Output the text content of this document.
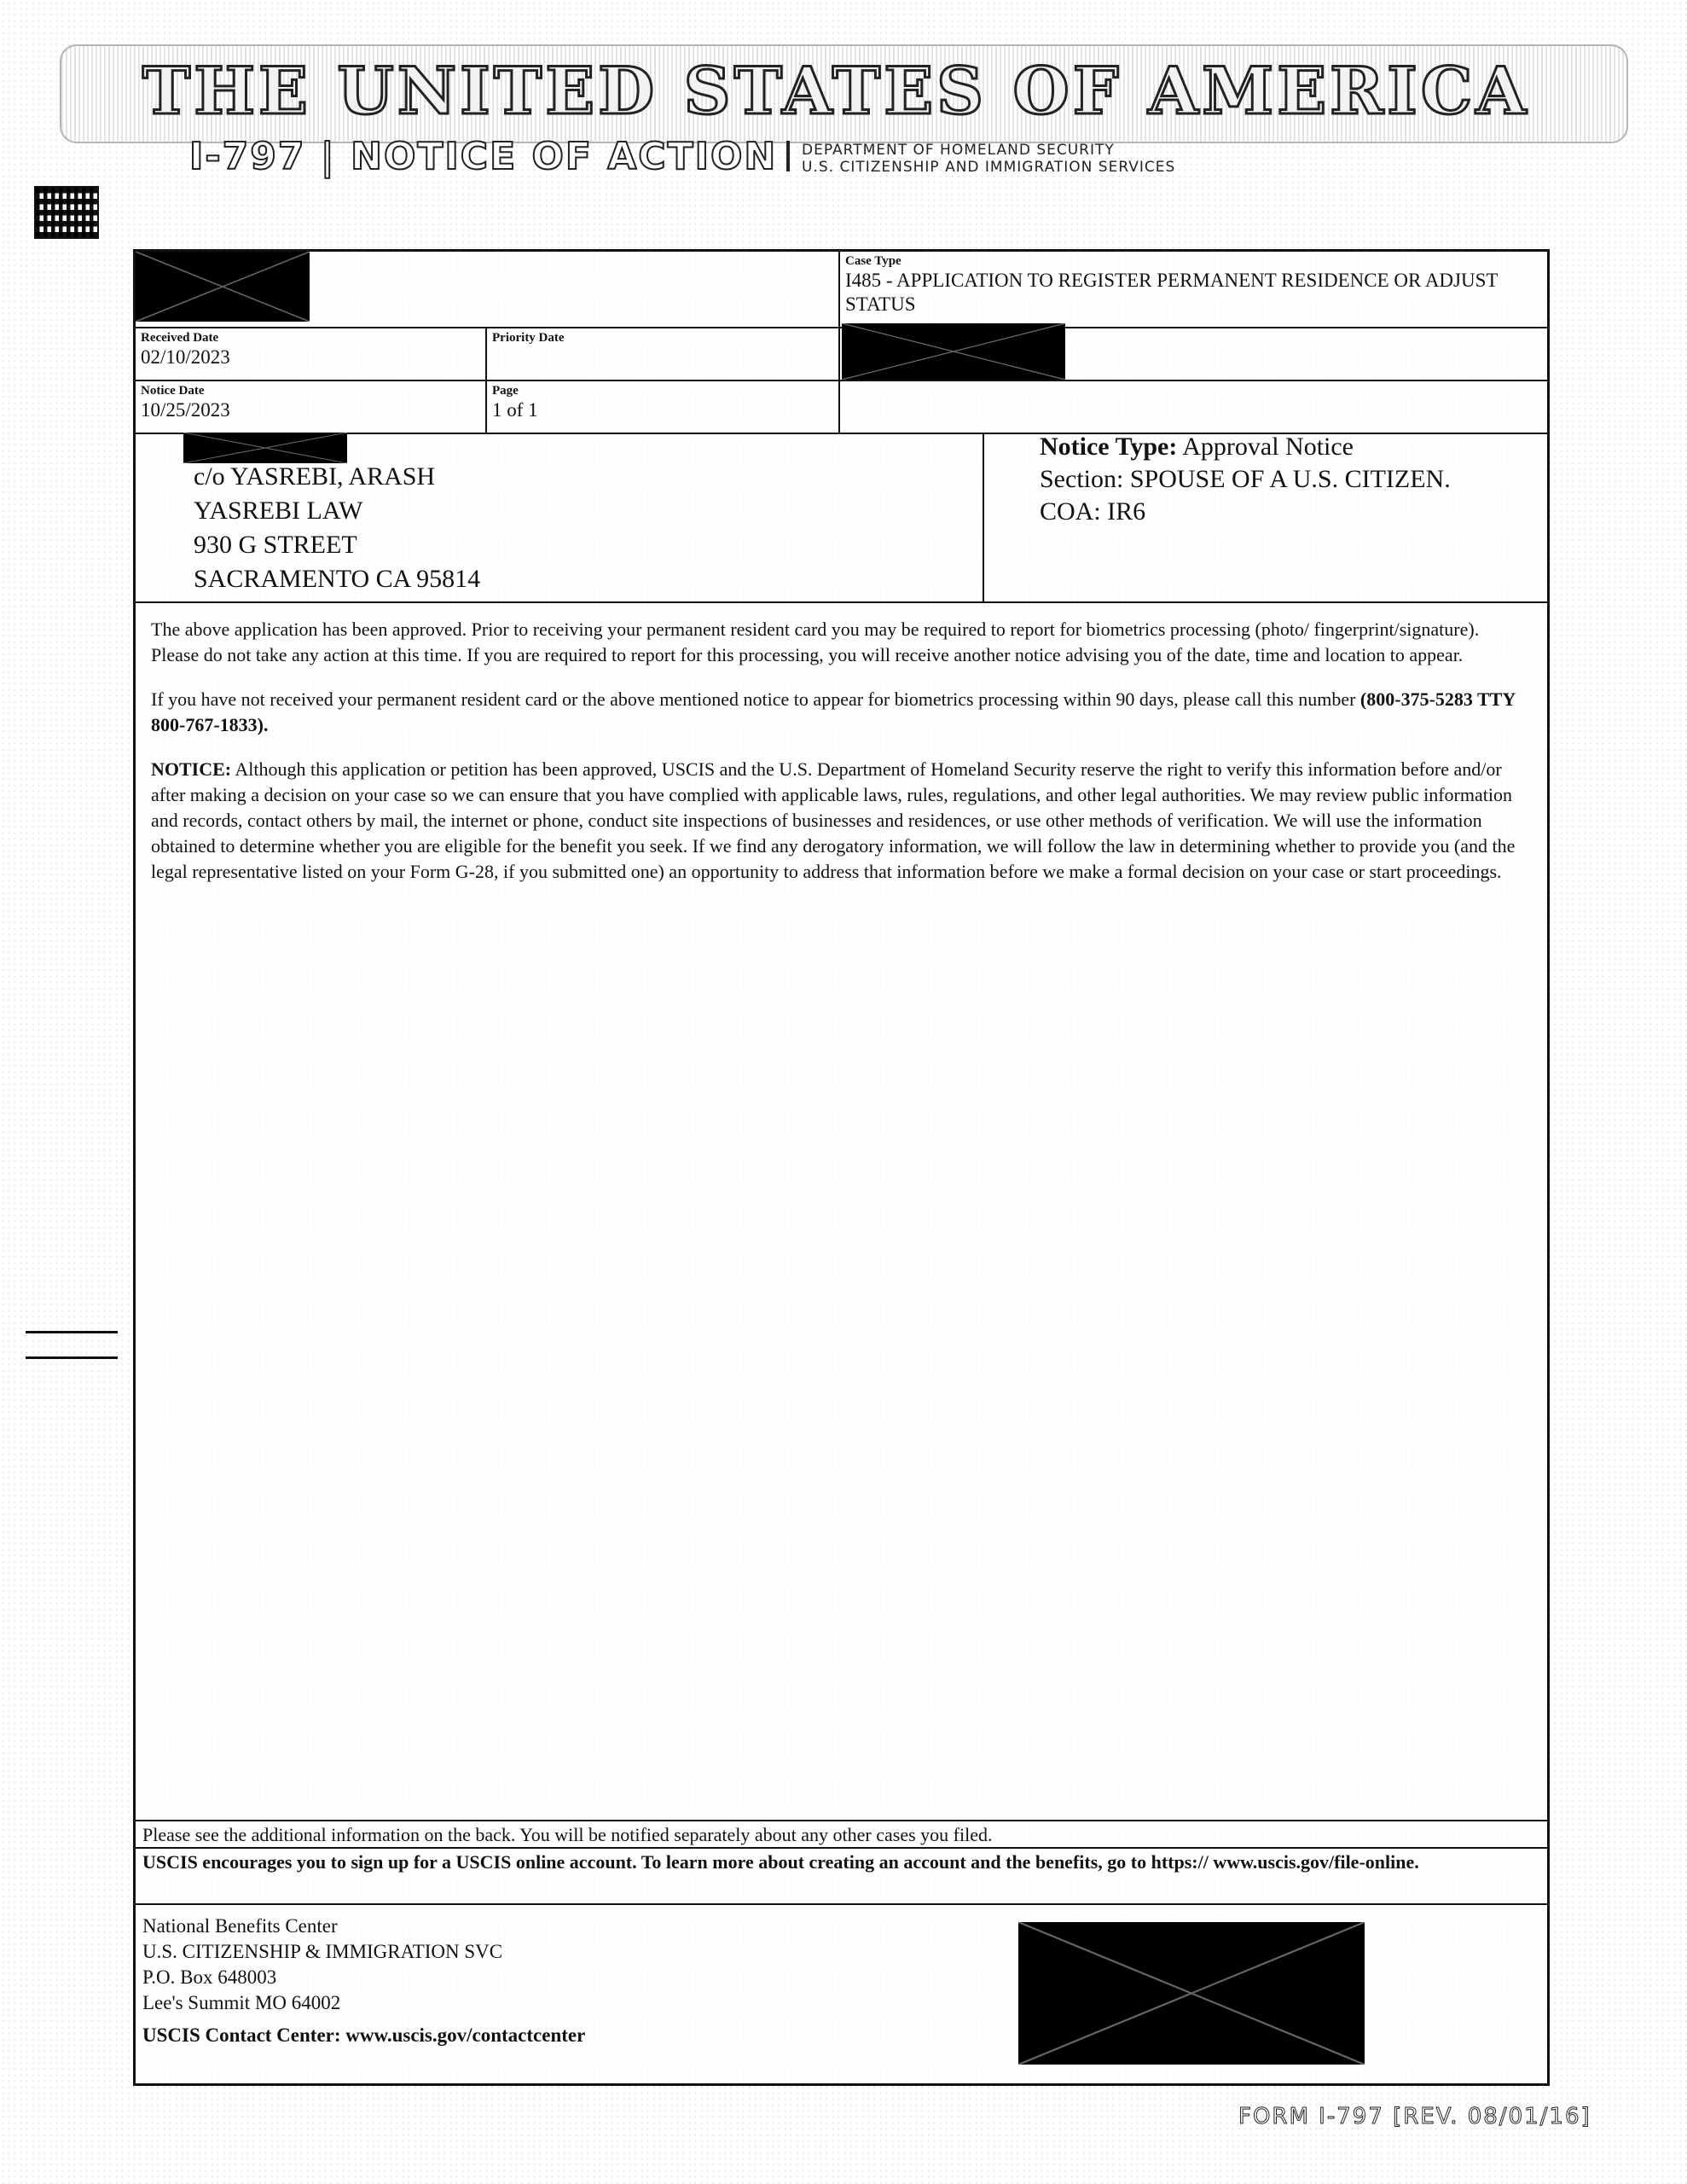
THE UNITED STATES OF AMERICA
I-797 | NOTICE OF ACTION DEPARTMENT OF HOMELAND SECURITY
U.S. CITIZENSHIP AND IMMIGRATION SERVICES
Case Type
I485 - APPLICATION TO REGISTER PERMANENT RESIDENCE OR ADJUST STATUS
Received Date
02/10/2023
Priority Date
Notice Date
10/25/2023
Page
1 of 1
c/o YASREBI, ARASH
YASREBI LAW
930 G STREET
SACRAMENTO CA 95814
Notice Type: Approval Notice
Section: SPOUSE OF A U.S. CITIZEN.
COA: IR6

The above application has been approved. Prior to receiving your permanent resident card you may be required to report for biometrics processing (photo/ fingerprint/signature). Please do not take any action at this time. If you are required to report for this processing, you will receive another notice advising you of the date, time and location to appear.

If you have not received your permanent resident card or the above mentioned notice to appear for biometrics processing within 90 days, please call this number (800-375-5283 TTY 800-767-1833).

NOTICE: Although this application or petition has been approved, USCIS and the U.S. Department of Homeland Security reserve the right to verify this information before and/or after making a decision on your case so we can ensure that you have complied with applicable laws, rules, regulations, and other legal authorities. We may review public information and records, contact others by mail, the internet or phone, conduct site inspections of businesses and residences, or use other methods of verification. We will use the information obtained to determine whether you are eligible for the benefit you seek. If we find any derogatory information, we will follow the law in determining whether to provide you (and the legal representative listed on your Form G-28, if you submitted one) an opportunity to address that information before we make a formal decision on your case or start proceedings.

Please see the additional information on the back. You will be notified separately about any other cases you filed.
USCIS encourages you to sign up for a USCIS online account. To learn more about creating an account and the benefits, go to https:// www.uscis.gov/file-online.
National Benefits Center
U.S. CITIZENSHIP & IMMIGRATION SVC
P.O. Box 648003
Lee's Summit MO 64002
USCIS Contact Center: www.uscis.gov/contactcenter
FORM I-797 [REV. 08/01/16]
